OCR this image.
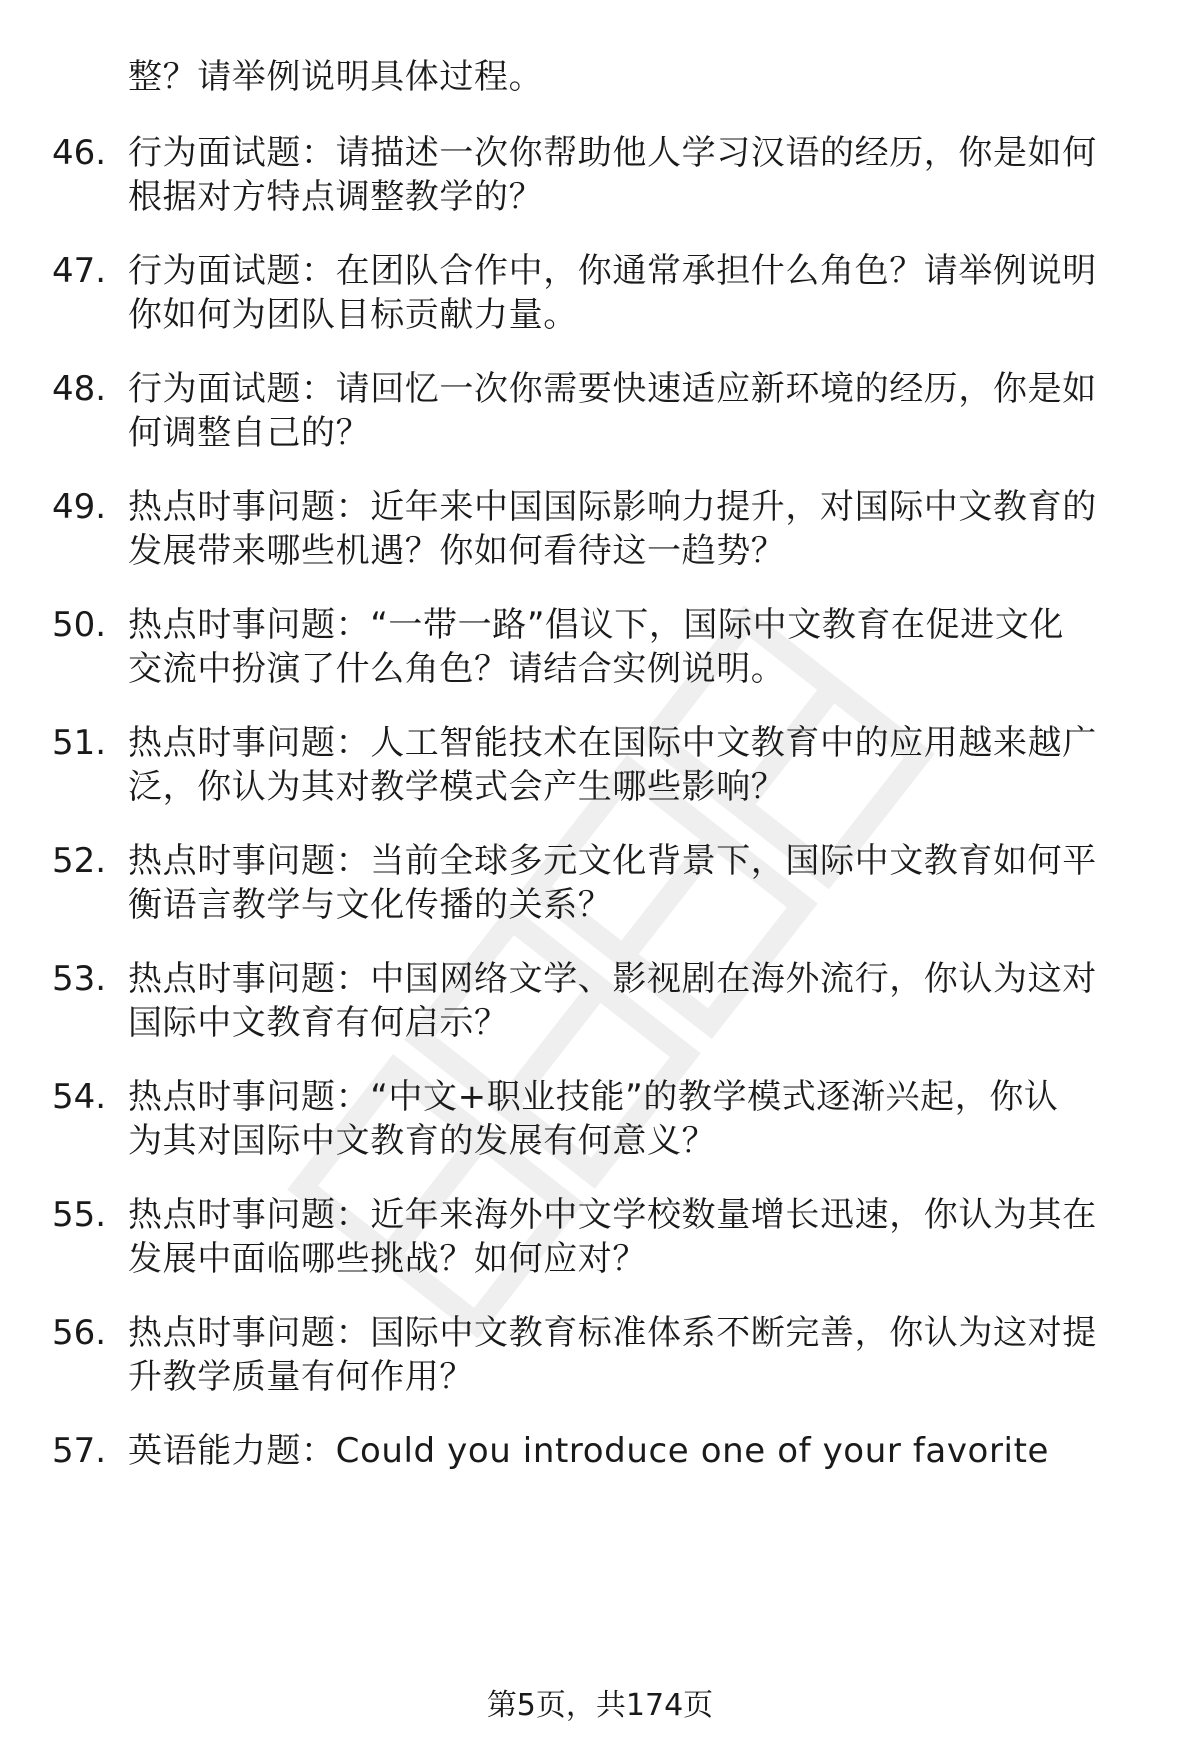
整？请举例说明具体过程。
46. 行为面试题：请描述一次你帮助他人学习汉语的经历，你是如何
根据对方特点调整教学的？
47. 行为面试题：在团队合作中，你通常承担什么角色？请举例说明
你如何为团队目标贡献力量。
48. 行为面试题：请回忆一次你需要快速适应新环境的经历，你是如
何调整自己的？
49. 热点时事问题：近年来中国国际影响力提升，对国际中文教育的
发展带来哪些机遇？你如何看待这一趋势？
50. 热点时事问题：“一带一路”倡议下，国际中文教育在促进文化
交流中扮演了什么角色？请结合实例说明。
51. 热点时事问题：人工智能技术在国际中文教育中的应用越来越广
泛，你认为其对教学模式会产生哪些影响？
52. 热点时事问题：当前全球多元文化背景下，国际中文教育如何平
衡语言教学与文化传播的关系？
53. 热点时事问题：中国网络文学、影视剧在海外流行，你认为这对
国际中文教育有何启示？
54. 热点时事问题：“中文+职业技能”的教学模式逐渐兴起，你认
为其对国际中文教育的发展有何意义？
55. 热点时事问题：近年来海外中文学校数量增长迅速，你认为其在
发展中面临哪些挑战？如何应对？
56. 热点时事问题：国际中文教育标准体系不断完善，你认为这对提
升教学质量有何作用？
57. 英语能力题：Could you introduce one of your favorite
第5页，共174页
